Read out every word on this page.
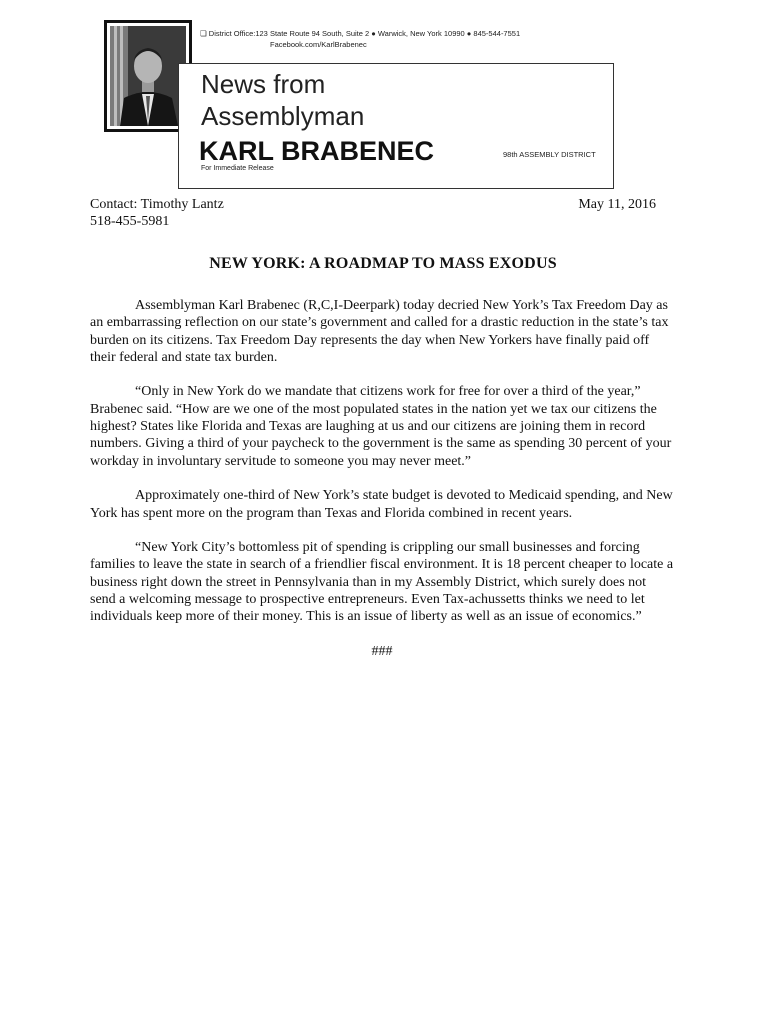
❏ District Office:123 State Route 94 South, Suite 2 ● Warwick, New York 10990 ● 845-544-7551
Facebook.com/KarlBrabenec
News from
Assemblyman
KARL BRABENEC
For Immediate Release
98th ASSEMBLY DISTRICT
Contact: Timothy Lantz
518-455-5981
May 11, 2016
NEW YORK: A ROADMAP TO MASS EXODUS

Assemblyman Karl Brabenec (R,C,I-Deerpark) today decried New York’s Tax Freedom Day as an embarrassing reflection on our state’s government and called for a drastic reduction in the state’s tax burden on its citizens. Tax Freedom Day represents the day when New Yorkers have finally paid off their federal and state tax burden.

“Only in New York do we mandate that citizens work for free for over a third of the year,” Brabenec said. “How are we one of the most populated states in the nation yet we tax our citizens the highest? States like Florida and Texas are laughing at us and our citizens are joining them in record numbers. Giving a third of your paycheck to the government is the same as spending 30 percent of your workday in involuntary servitude to someone you may never meet.”

Approximately one-third of New York’s state budget is devoted to Medicaid spending, and New York has spent more on the program than Texas and Florida combined in recent years.

“New York City’s bottomless pit of spending is crippling our small businesses and forcing families to leave the state in search of a friendlier fiscal environment. It is 18 percent cheaper to locate a business right down the street in Pennsylvania than in my Assembly District, which surely does not send a welcoming message to prospective entrepreneurs. Even Tax-achussetts thinks we need to let individuals keep more of their money. This is an issue of liberty as well as an issue of economics.”

###
